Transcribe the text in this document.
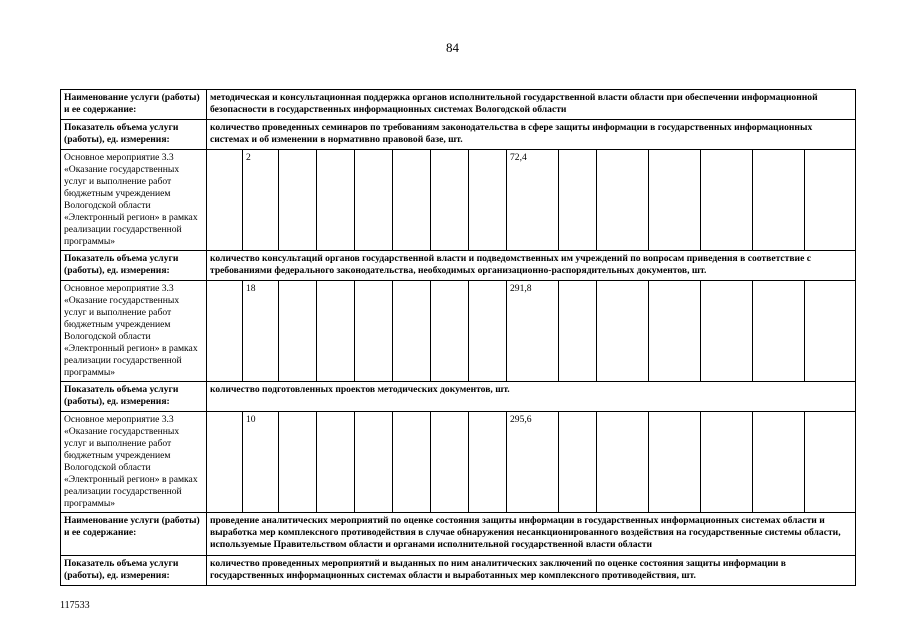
84
Наименование услуги (работы) и ее содержание:	методическая и консультационная поддержка органов исполнительной государственной власти области при обеспечении информационной безопасности в государственных информационных системах Вологодской области														
Показатель объема услуги (работы), ед. измерения:	количество проведенных семинаров по требованиям законодательства в сфере защиты информации в государственных информационных системах и об изменении в нормативно правовой базе, шт.														
Основное мероприятие 3.3 «Оказание государственных услуг и выполнение работ бюджетным учреждением Вологодской области «Электронный регион» в рамках реализации государственной программы»		2							72,4						
Показатель объема услуги (работы), ед. измерения:	количество консультаций органов государственной власти и подведомственных им учреждений по вопросам приведения в соответствие с требованиями федерального законодательства, необходимых организационно-распорядительных документов, шт.														
Основное мероприятие 3.3 «Оказание государственных услуг и выполнение работ бюджетным учреждением Вологодской области «Электронный регион» в рамках реализации государственной программы»		18							291,8						
Показатель объема услуги (работы), ед. измерения:	количество подготовленных проектов методических документов, шт.														
Основное мероприятие 3.3 «Оказание государственных услуг и выполнение работ бюджетным учреждением Вологодской области «Электронный регион» в рамках реализации государственной программы»		10							295,6						
Наименование услуги (работы) и ее содержание:	проведение аналитических мероприятий по оценке состояния защиты информации в государственных информационных системах области и выработка мер комплексного противодействия в случае обнаружения несанкционированного воздействия на государственные системы области, используемые Правительством области и органами исполнительной государственной власти области														
Показатель объема услуги (работы), ед. измерения:	количество проведенных мероприятий и выданных по ним аналитических заключений по оценке состояния защиты информации в государственных информационных системах области и выработанных мер комплексного противодействия, шт.														
117533
